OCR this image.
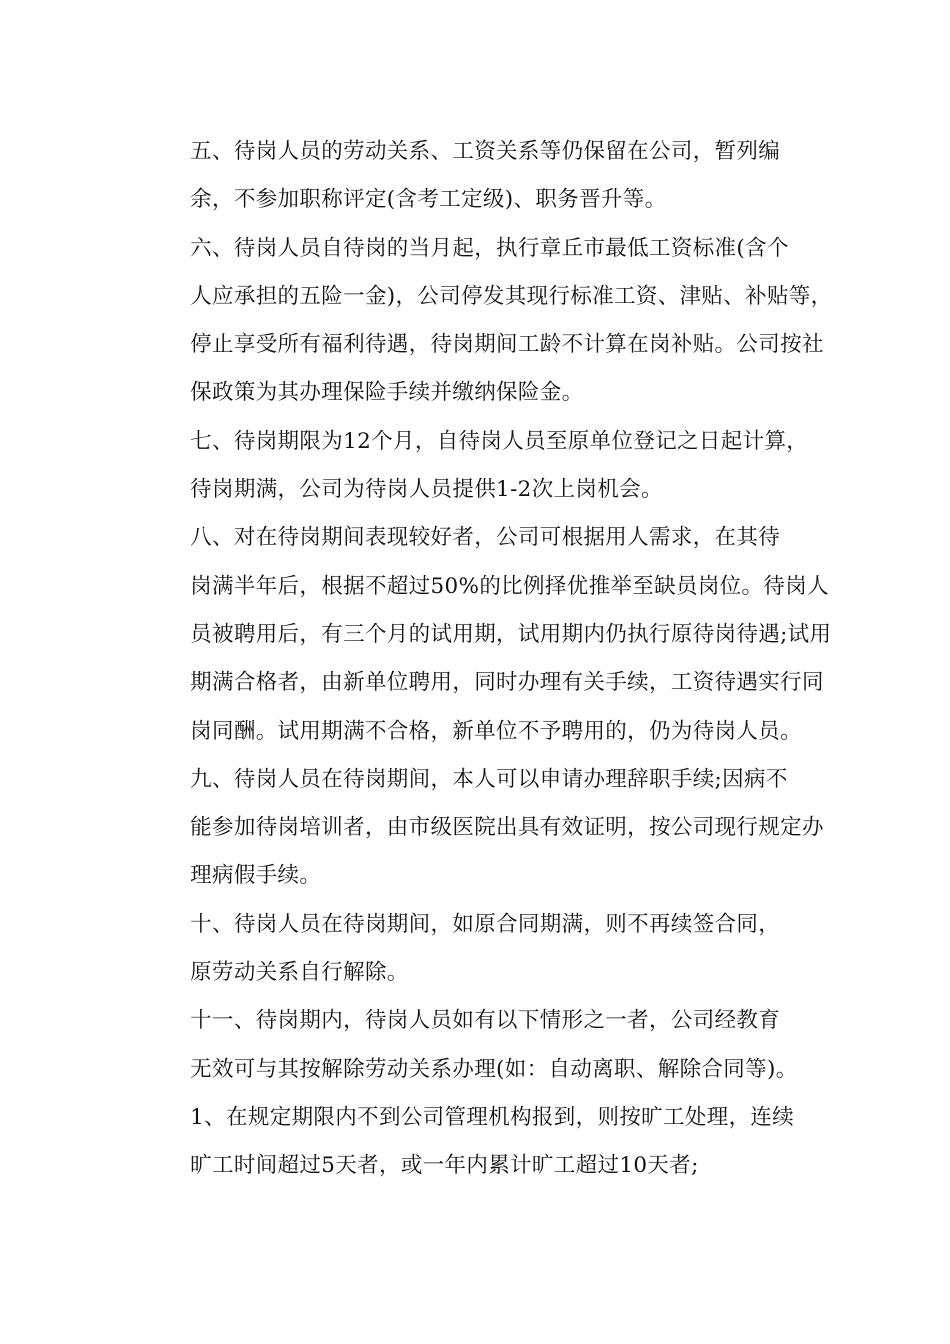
五、待岗人员的劳动关系、工资关系等仍保留在公司，暂列编
余，不参加职称评定(含考工定级)、职务晋升等。

六、待岗人员自待岗的当月起，执行章丘市最低工资标准(含个
人应承担的五险一金)，公司停发其现行标准工资、津贴、补贴等，
停止享受所有福利待遇，待岗期间工龄不计算在岗补贴。公司按社
保政策为其办理保险手续并缴纳保险金。

七、待岗期限为12个月，自待岗人员至原单位登记之日起计算，
待岗期满，公司为待岗人员提供1-2次上岗机会。

八、对在待岗期间表现较好者，公司可根据用人需求，在其待
岗满半年后，根据不超过50%的比例择优推举至缺员岗位。待岗人
员被聘用后，有三个月的试用期，试用期内仍执行原待岗待遇;试用
期满合格者，由新单位聘用，同时办理有关手续，工资待遇实行同
岗同酬。试用期满不合格，新单位不予聘用的，仍为待岗人员。

九、待岗人员在待岗期间，本人可以申请办理辞职手续;因病不
能参加待岗培训者，由市级医院出具有效证明，按公司现行规定办
理病假手续。

十、待岗人员在待岗期间，如原合同期满，则不再续签合同，
原劳动关系自行解除。

十一、待岗期内，待岗人员如有以下情形之一者，公司经教育
无效可与其按解除劳动关系办理(如：自动离职、解除合同等)。

1、在规定期限内不到公司管理机构报到，则按旷工处理，连续
旷工时间超过5天者，或一年内累计旷工超过10天者;
